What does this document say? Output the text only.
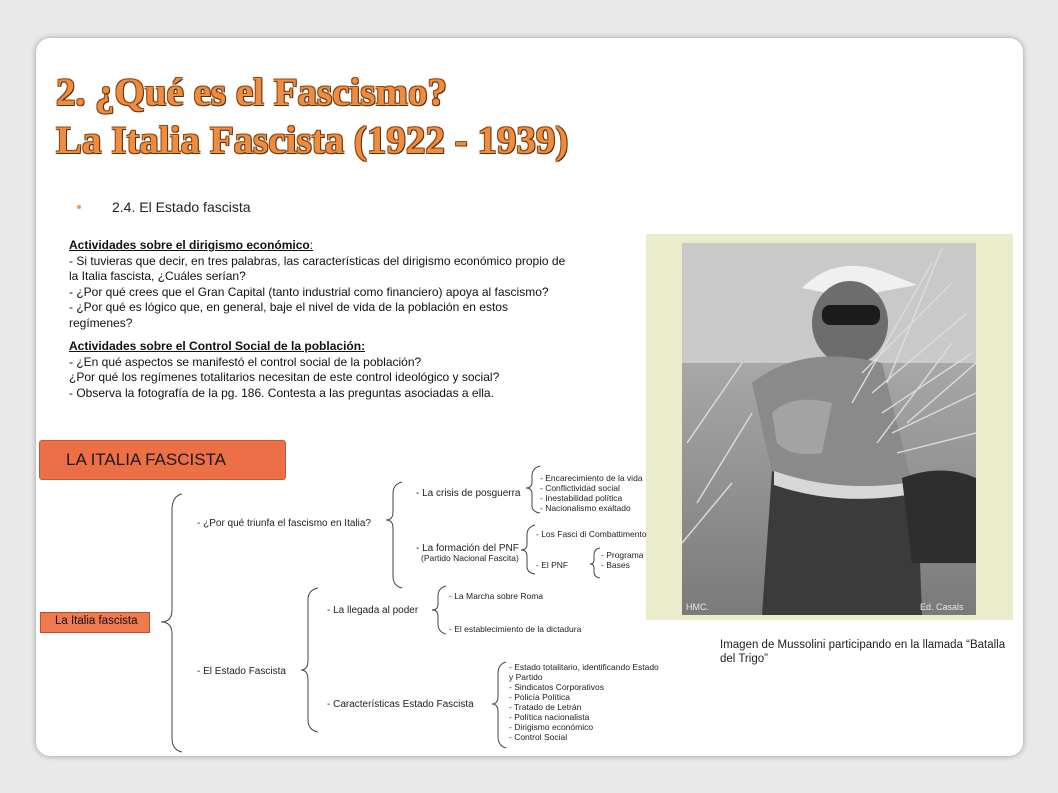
2. ¿Qué es el Fascismo?
La Italia Fascista (1922 - 1939)
2.4. El Estado fascista

Actividades sobre el dirigismo económico:

- Si tuvieras que decir, en tres palabras, las características del dirigismo económico propio de la Italia fascista, ¿Cuáles serían?

- ¿Por qué crees que el Gran Capital (tanto industrial como financiero) apoya al fascismo?

- ¿Por qué es lógico que, en general, baje el nivel de vida de la población en estos regímenes?

Actividades sobre el Control Social de la población:

- ¿En qué aspectos se manifestó el control social de la población?

¿Por qué los regímenes totalitarios necesitan de este control ideológico y social?

- Observa la fotografía de la pg. 186. Contesta a las preguntas asociadas a ella.

HMC.	Ed. Casals
Imagen de Mussolini participando en la llamada “Batalla del Trigo”
LA ITALIA FASCISTA
La Italia fascista
- ¿Por qué triunfa el fascismo en Italia?
- El Estado Fascista
- La crisis de posguerra
- Encarecimiento de la vida
- Conflictividad social
- Inestabilidad política
- Nacionalismo exaltado
- La formación del PNF
(Partido Nacional Fascita)
- Los Fasci di Combattimento
- El PNF
- Programa
- Bases
- La llegada al poder
- La Marcha sobre Roma
- El establecimiento de la dictadura
- Características Estado Fascista
- Estado totalitario, identificando Estado
y Partido
- Sindicatos Corporativos
- Policía Política
- Tratado de Letrán
- Política nacionalista
- Dirigismo económico
- Control Social
